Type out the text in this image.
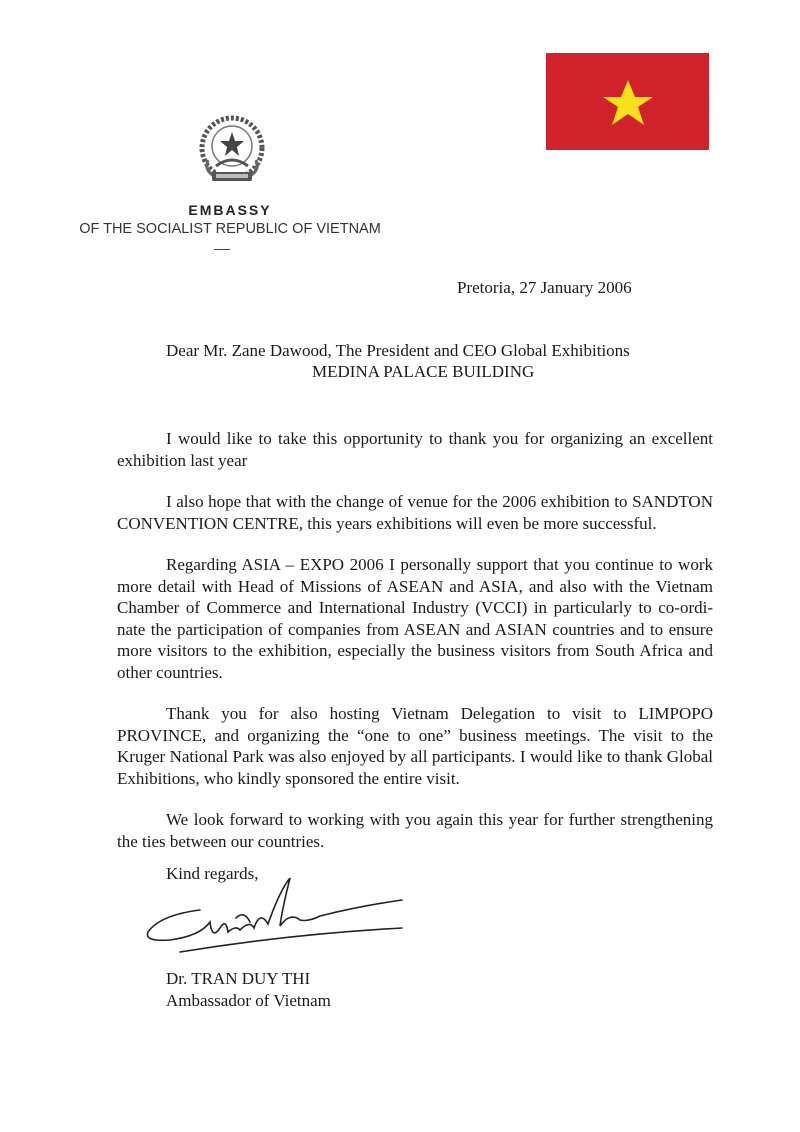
EMBASSY
OF THE SOCIALIST REPUBLIC OF VIETNAM
Pretoria, 27 January 2006
Dear Mr. Zane Dawood, The President and CEO Global Exhibitions
MEDINA PALACE BUILDING

I would like to take this opportunity to thank you for organizing an excellent exhibition last year

I also hope that with the change of venue for the 2006 exhibition to SANDTON CONVENTION CENTRE, this years exhibitions will even be more successful.

Regarding ASIA – EXPO 2006 I personally support that you continue to work more detail with Head of Missions of ASEAN and ASIA, and also with the Vietnam Chamber of Commerce and International Industry (VCCI) in particularly to co-ordi-nate the participation of companies from ASEAN and ASIAN countries and to ensure more visitors to the exhibition, especially the business visitors from South Africa and other countries.

Thank you for also hosting Vietnam Delegation to visit to LIMPOPO PROVINCE, and organizing the “one to one” business meetings. The visit to the Kruger National Park was also enjoyed by all participants. I would like to thank Global Exhibitions, who kindly sponsored the entire visit.

We look forward to working with you again this year for further strengthening the ties between our countries.

Kind regards,
Dr. TRAN DUY THI
Ambassador of Vietnam
